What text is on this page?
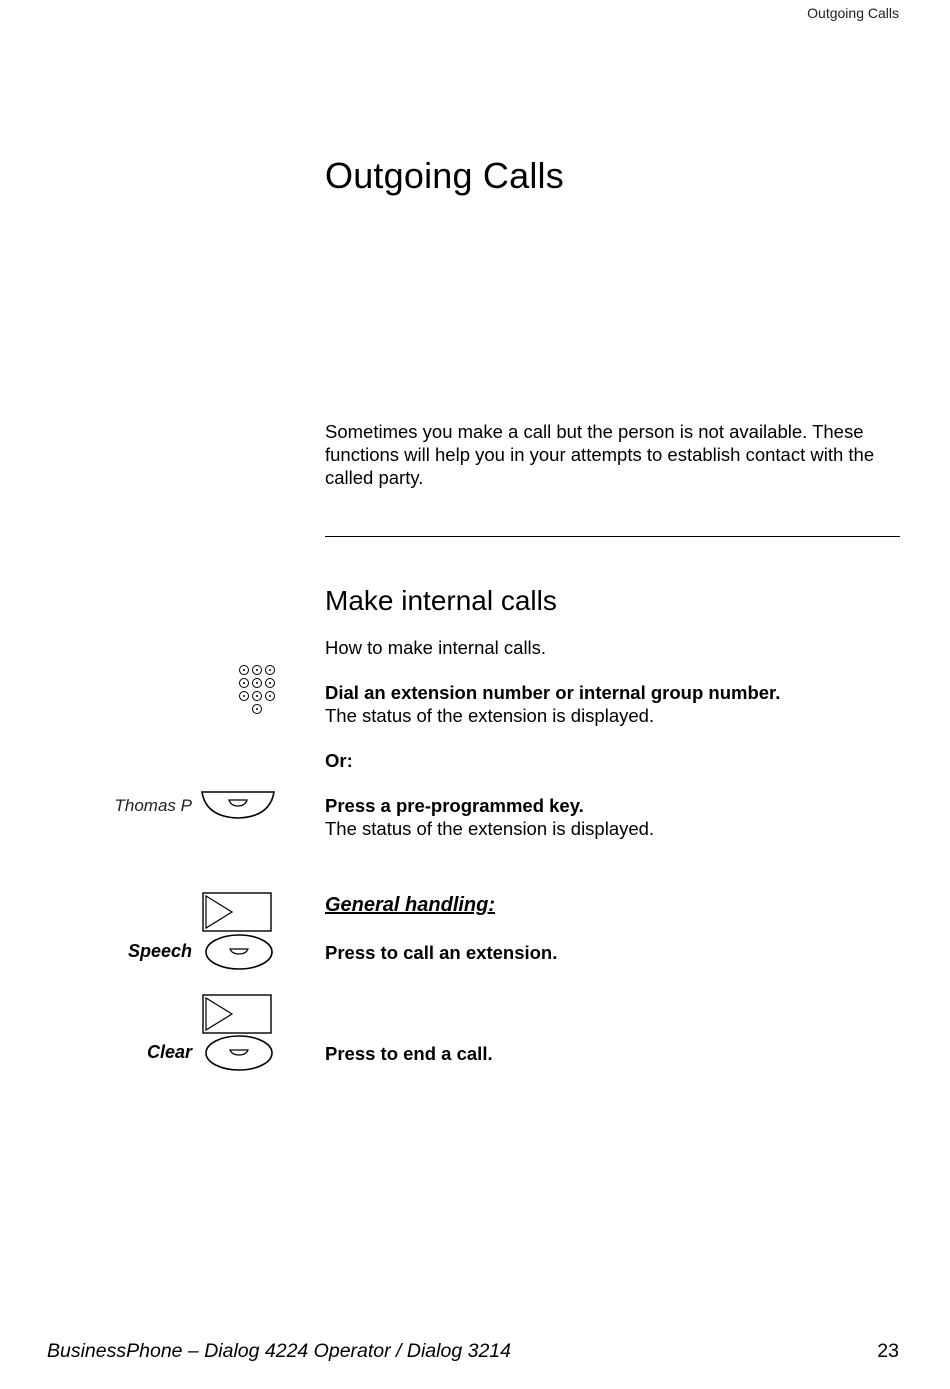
Outgoing Calls
Outgoing Calls

Sometimes you make a call but the person is not available. These functions will help you in your attempts to establish contact with the called party.

Make internal calls

How to make internal calls.

Dial an extension number or internal group number.
The status of the extension is displayed.
Or:
Thomas P	Press a pre-programmed key.
The status of the extension is displayed.
General handling:
Speech	Press to call an extension.
Clear	Press to end a call.
BusinessPhone – Dialog 4224 Operator / Dialog 3214	23
